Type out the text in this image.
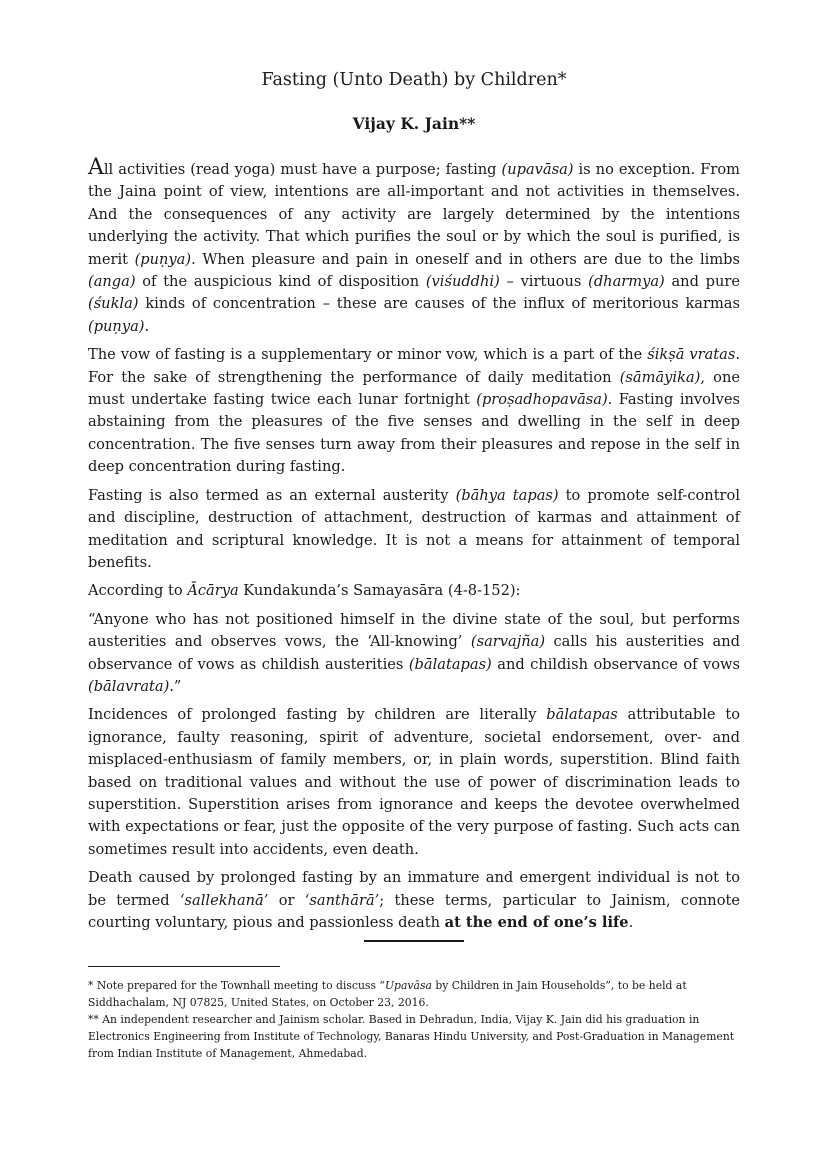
Fasting (Unto Death) by Children*
Vijay K. Jain**

All activities (read yoga) must have a purpose; fasting (upavāsa) is no exception. From the Jaina point of view, intentions are all-important and not activities in themselves. And the consequences of any activity are largely determined by the intentions underlying the activity. That which purifies the soul or by which the soul is purified, is merit (puṇya). When pleasure and pain in oneself and in others are due to the limbs (anga) of the auspicious kind of disposition (viśuddhi) – virtuous (dharmya) and pure (śukla) kinds of concentration – these are causes of the influx of meritorious karmas (puṇya).

The vow of fasting is a supplementary or minor vow, which is a part of the śikṣā vratas. For the sake of strengthening the performance of daily meditation (sāmāyika), one must undertake fasting twice each lunar fortnight (proṣadhopavāsa). Fasting involves abstaining from the pleasures of the five senses and dwelling in the self in deep concentration. The five senses turn away from their pleasures and repose in the self in deep concentration during fasting.

Fasting is also termed as an external austerity (bāhya tapas) to promote self-control and discipline, destruction of attachment, destruction of karmas and attainment of meditation and scriptural knowledge. It is not a means for attainment of temporal benefits.

According to Ācārya Kundakunda’s Samayasāra (4-8-152):

“Anyone who has not positioned himself in the divine state of the soul, but performs austerities and observes vows, the ‘All-knowing’ (sarvajña) calls his austerities and observance of vows as childish austerities (bālatapas) and childish observance of vows (bālavrata).”

Incidences of prolonged fasting by children are literally bālatapas attributable to ignorance, faulty reasoning, spirit of adventure, societal endorsement, over- and misplaced-enthusiasm of family members, or, in plain words, superstition. Blind faith based on traditional values and without the use of power of discrimination leads to superstition. Superstition arises from ignorance and keeps the devotee overwhelmed with expectations or fear, just the opposite of the very purpose of fasting. Such acts can sometimes result into accidents, even death.

Death caused by prolonged fasting by an immature and emergent individual is not to be termed ‘sallekhanā’ or ‘santhārā’; these terms, particular to Jainism, connote courting voluntary, pious and passionless death at the end of one’s life.

* Note prepared for the Townhall meeting to discuss “Upavāsa by Children in Jain Households”, to be held at Siddhachalam, NJ 07825, United States, on October 23, 2016.

** An independent researcher and Jainism scholar. Based in Dehradun, India, Vijay K. Jain did his graduation in Electronics Engineering from Institute of Technology, Banaras Hindu University, and Post-Graduation in Management from Indian Institute of Management, Ahmedabad.
